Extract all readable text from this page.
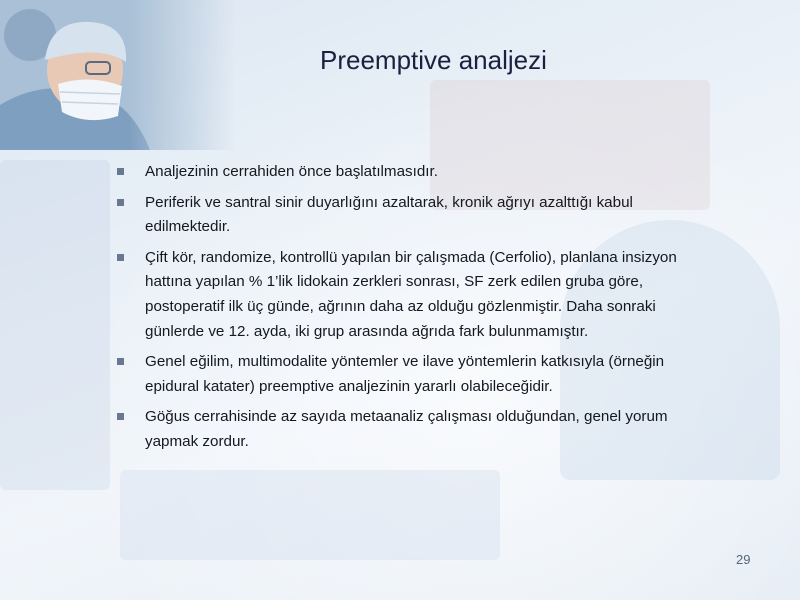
Preemptive analjezi
Analjezinin cerrahiden önce başlatılmasıdır.
Periferik ve santral sinir duyarlığını azaltarak, kronik ağrıyı azalttığı kabul edilmektedir.
Çift kör, randomize, kontrollü yapılan bir çalışmada (Cerfolio), planlana insizyon hattına yapılan % 1’lik lidokain zerkleri sonrası, SF zerk edilen gruba göre, postoperatif ilk üç günde, ağrının daha az olduğu gözlenmiştir. Daha sonraki günlerde ve 12. ayda, iki grup arasında ağrıda fark bulunmamıştır.
Genel eğilim, multimodalite yöntemler ve ilave yöntemlerin katkısıyla (örneğin epidural katater) preemptive analjezinin yararlı olabileceğidir.
Göğus cerrahisinde az sayıda metaanaliz çalışması olduğundan, genel yorum yapmak zordur.
29
